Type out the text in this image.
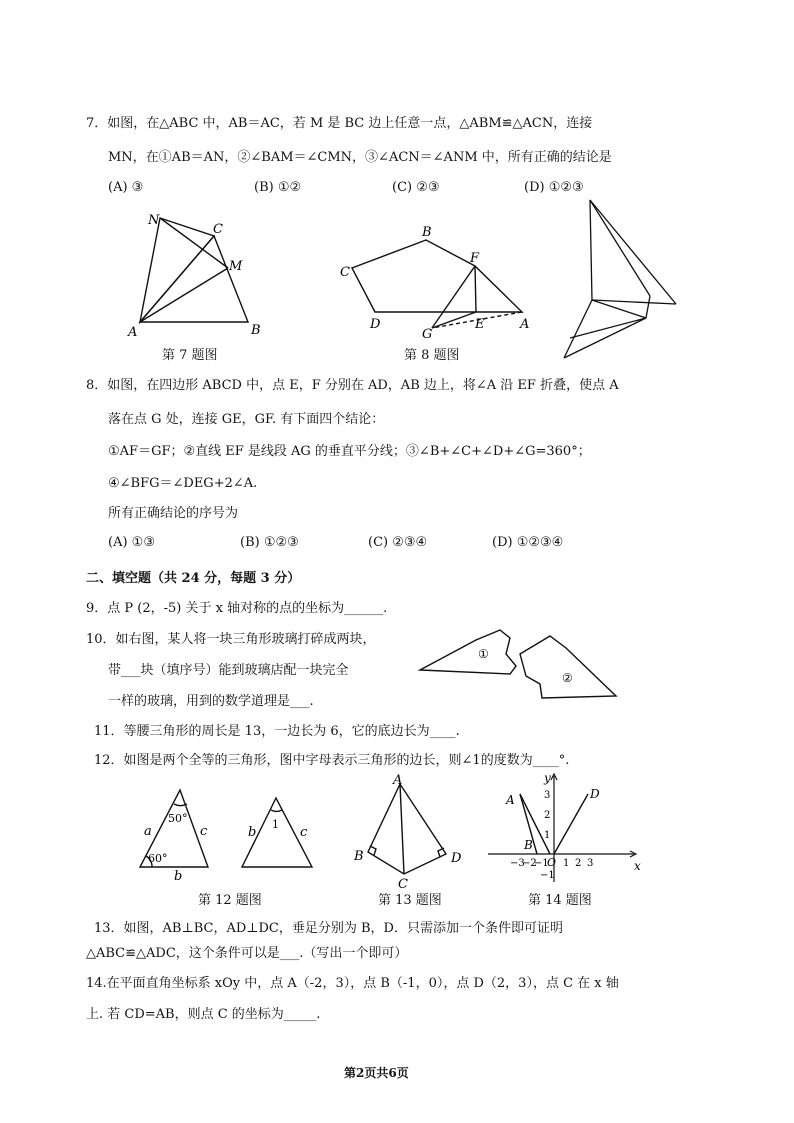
7．如图，在△ABC 中，AB＝AC，若 M 是 BC 边上任意一点，△ABM≌△ACN，连接
MN，在①AB＝AN，②∠BAM＝∠CMN，③∠ACN＝∠ANM 中，所有正确的结论是
(A) ③	(B) ①②	(C) ②③	(D) ①②③
N
C
M
A	B
第 7 题图
B
C
F
D
G
E	A
第 8 题图
8．如图，在四边形 ABCD 中，点 E，F 分别在 AD，AB 边上，将∠A 沿 EF 折叠，使点 A
落在点 G 处，连接 GE，GF. 有下面四个结论：
①AF＝GF；②直线 EF 是线段 AG 的垂直平分线；③∠B+∠C+∠D+∠G=360°；
④∠BFG＝∠DEG+2∠A.
所有正确结论的序号为
(A) ①③	(B) ①②③	(C) ②③④	(D) ①②③④
二、填空题（共 24 分，每题 3 分）
9．点 P (2，-5) 关于 x 轴对称的点的坐标为______.
10．如右图，某人将一块三角形玻璃打碎成两块，
带___块（填序号）能到玻璃店配一块完全
一样的玻璃，用到的数学道理是___.
①
②
11．等腰三角形的周长是 13，一边长为 6，它的底边长为____.
12．如图是两个全等的三角形，图中字母表示三角形的边长，则∠1的度数为____°.
a	c
b
50°
60°
b	c
1
第 12 题图
A
B
C
D
第 13 题图
y
x
A
B
D
O
−3
−2
−1 1 2 3
3
2
1
−1
第 14 题图
13．如图，AB⊥BC，AD⊥DC，垂足分别为 B，D．只需添加一个条件即可证明
△ABC≌△ADC，这个条件可以是___.（写出一个即可）
14.在平面直角坐标系 xOy 中，点 A（-2，3），点 B（-1，0），点 D（2，3），点 C 在 x 轴
上. 若 CD=AB，则点 C 的坐标为_____.
第2页共6页
